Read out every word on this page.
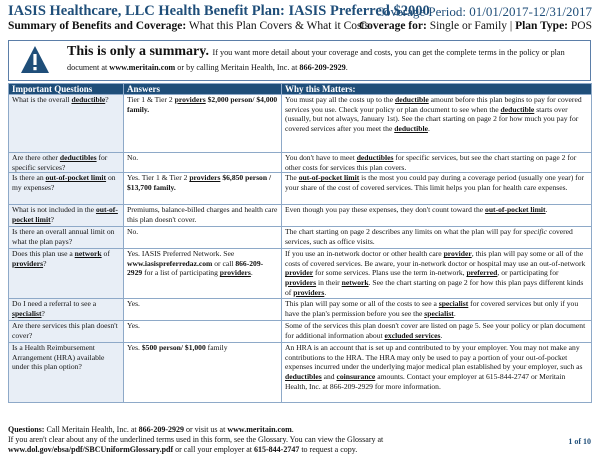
IASIS Healthcare, LLC Health Benefit Plan: IASIS Preferred $2000
Coverage Period: 01/01/2017-12/31/2017
Summary of Benefits and Coverage: What this Plan Covers & What it Costs
Coverage for: Single or Family | Plan Type: POS
This is only a summary. If you want more detail about your coverage and costs, you can get the complete terms in the policy or plan
document at www.meritain.com or by calling Meritain Health, Inc. at 866-209-2929.
Important Questions	Answers	Why this Matters:
What is the overall deductible?	Tier 1 & Tier 2 providers $2,000 person/ $4,000 family.	You must pay all the costs up to the deductible amount before this plan begins to pay for covered services you use. Check your policy or plan document to see when the deductible starts over (usually, but not always, January 1st). See the chart starting on page 2 for how much you pay for covered services after you meet the deductible.
Are there other deductibles for specific services?	No.	You don't have to meet deductibles for specific services, but see the chart starting on page 2 for other costs for services this plan covers.
Is there an out-of-pocket limit on my expenses?	Yes. Tier 1 & Tier 2 providers $6,850 person / $13,700 family.	The out-of-pocket limit is the most you could pay during a coverage period (usually one year) for your share of the cost of covered services. This limit helps you plan for health care expenses.
What is not included in the out-of-pocket limit?	Premiums, balance-billed charges and health care this plan doesn't cover.	Even though you pay these expenses, they don't count toward the out-of-pocket limit.
Is there an overall annual limit on what the plan pays?	No.	The chart starting on page 2 describes any limits on what the plan will pay for specific covered services, such as office visits.
Does this plan use a network of providers?	Yes. IASIS Preferred Network. See www.iasispreferredaz.com or call 866-209-2929 for a list of participating providers.	If you use an in-network doctor or other health care provider, this plan will pay some or all of the costs of covered services. Be aware, your in-network doctor or hospital may use an out-of-network provider for some services. Plans use the term in-network, preferred, or participating for providers in their network. See the chart starting on page 2 for how this plan pays different kinds of providers.
Do I need a referral to see a specialist?	Yes.	This plan will pay some or all of the costs to see a specialist for covered services but only if you have the plan's permission before you see the specialist.
Are there services this plan doesn't cover?	Yes.	Some of the services this plan doesn't cover are listed on page 5. See your policy or plan document for additional information about excluded services.
Is a Health Reimbursement Arrangement (HRA) available under this plan option?	Yes. $500 person/ $1,000 family	An HRA is an account that is set up and contributed to by your employer. You may not make any contributions to the HRA. The HRA may only be used to pay a portion of your out-of-pocket expenses incurred under the underlying major medical plan established by your employer, such as deductibles and coinsurance amounts. Contact your employer at 615-844-2747 or Meritain Health, Inc. at 866-209-2929 for more information.
Questions: Call Meritain Health, Inc. at 866-209-2929 or visit us at www.meritain.com.
If you aren't clear about any of the underlined terms used in this form, see the Glossary. You can view the Glossary at
www.dol.gov/ebsa/pdf/SBCUniformGlossary.pdf or call your employer at 615-844-2747 to request a copy.
1 of 10
